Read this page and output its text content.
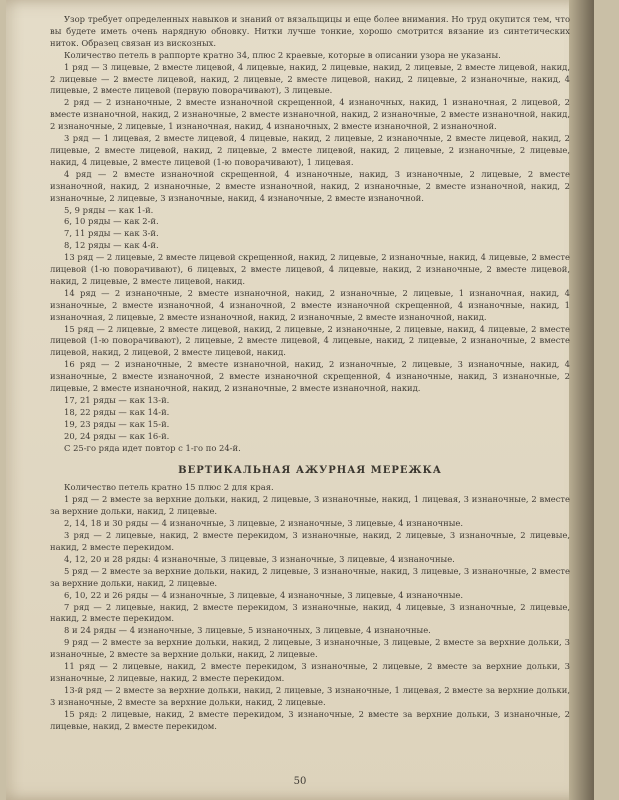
Узор требует определенных навыков и знаний от вязальщицы и еще более внимания. Но труд окупится тем, что вы будете иметь очень нарядную обновку. Нитки лучше тонкие, хорошо смотрится вязание из синтетических ниток. Образец связан из вискозных.

Количество петель в раппорте кратно 34, плюс 2 краевые, которые в описании узора не указаны.

1 ряд — 3 лицевые, 2 вместе лицевой, 4 лицевые, накид, 2 лицевые, накид, 2 лицевые, 2 вместе лицевой, накид, 2 лицевые — 2 вместе лицевой, накид, 2 лицевые, 2 вместе лицевой, накид, 2 лицевые, 2 изнаночные, накид, 4 лицевые, 2 вместе лицевой (первую поворачивают), 3 лицевые.

2 ряд — 2 изнаночные, 2 вместе изнаночной скрещенной, 4 изнаночных, накид, 1 изнаночная, 2 лицевой, 2 вместе изнаночной, накид, 2 изнаночные, 2 вместе изнаночной, накид, 2 изнаночные, 2 вместе изнаночной, накид, 2 изнаночные, 2 лицевые, 1 изнаночная, накид, 4 изнаночных, 2 вместе изнаночной, 2 изнаночной.

3 ряд — 1 лицевая, 2 вместе лицевой, 4 лицевые, накид, 2 лицевые, 2 изнаночные, 2 вместе лицевой, накид, 2 лицевые, 2 вместе лицевой, накид, 2 лицевые, 2 вместе лицевой, накид, 2 лицевые, 2 изнаночные, 2 лицевые, накид, 4 лицевые, 2 вместе лицевой (1-ю поворачивают), 1 лицевая.

4 ряд — 2 вместе изнаночной скрещенной, 4 изнаночные, накид, 3 изнаночные, 2 лицевые, 2 вместе изнаночной, накид, 2 изнаночные, 2 вместе изнаночной, накид, 2 изнаночные, 2 вместе изнаночной, накид, 2 изнаночные, 2 лицевые, 3 изнаночные, накид, 4 изнаночные, 2 вместе изнаночной.

5, 9 ряды — как 1-й.

6, 10 ряды — как 2-й.

7, 11 ряды — как 3-й.

8, 12 ряды — как 4-й.

13 ряд — 2 лицевые, 2 вместе лицевой скрещенной, накид, 2 лицевые, 2 изнаночные, накид, 4 лицевые, 2 вместе лицевой (1-ю поворачивают), 6 лицевых, 2 вместе лицевой, 4 лицевые, накид, 2 изнаночные, 2 вместе лицевой, накид, 2 лицевые, 2 вместе лицевой, накид.

14 ряд — 2 изнаночные, 2 вместе изнаночной, накид, 2 изнаночные, 2 лицевые, 1 изнаночная, накид, 4 изнаночные, 2 вместе изнаночной, 4 изнаночной, 2 вместе изнаночной скрещенной, 4 изнаночные, накид, 1 изнаночная, 2 лицевые, 2 вместе изнаночной, накид, 2 изнаночные, 2 вместе изнаночной, накид.

15 ряд — 2 лицевые, 2 вместе лицевой, накид, 2 лицевые, 2 изнаночные, 2 лицевые, накид, 4 лицевые, 2 вместе лицевой (1-ю поворачивают), 2 лицевые, 2 вместе лицевой, 4 лицевые, накид, 2 лицевые, 2 изнаночные, 2 вместе лицевой, накид, 2 лицевой, 2 вместе лицевой, накид.

16 ряд — 2 изнаночные, 2 вместе изнаночной, накид, 2 изнаночные, 2 лицевые, 3 изнаночные, накид, 4 изнаночные, 2 вместе изнаночной, 2 вместе изнаночной скрещенной, 4 изнаночные, накид, 3 изнаночные, 2 лицевые, 2 вместе изнаночной, накид, 2 изнаночные, 2 вместе изнаночной, накид.

17, 21 ряды — как 13-й.

18, 22 ряды — как 14-й.

19, 23 ряды — как 15-й.

20, 24 ряды — как 16-й.

С 25-го ряда идет повтор с 1-го по 24-й.

ВЕРТИКАЛЬНАЯ АЖУРНАЯ МЕРЕЖКА

Количество петель кратно 15 плюс 2 для края.

1 ряд — 2 вместе за верхние дольки, накид, 2 лицевые, 3 изнаночные, накид, 1 лицевая, 3 изнаночные, 2 вместе за верхние дольки, накид, 2 лицевые.

2, 14, 18 и 30 ряды — 4 изнаночные, 3 лицевые, 2 изнаночные, 3 лицевые, 4 изнаночные.

3 ряд — 2 лицевые, накид, 2 вместе перекидом, 3 изнаночные, накид, 2 лицевые, 3 изнаночные, 2 лицевые, накид, 2 вместе перекидом.

4, 12, 20 и 28 ряды: 4 изнаночные, 3 лицевые, 3 изнаночные, 3 лицевые, 4 изнаночные.

5 ряд — 2 вместе за верхние дольки, накид, 2 лицевые, 3 изнаночные, накид, 3 лицевые, 3 изнаночные, 2 вместе за верхние дольки, накид, 2 лицевые.

6, 10, 22 и 26 ряды — 4 изнаночные, 3 лицевые, 4 изнаночные, 3 лицевые, 4 изнаночные.

7 ряд — 2 лицевые, накид, 2 вместе перекидом, 3 изнаночные, накид, 4 лицевые, 3 изнаночные, 2 лицевые, накид, 2 вместе перекидом.

8 и 24 ряды — 4 изнаночные, 3 лицевые, 5 изнаночных, 3 лицевые, 4 изнаночные.

9 ряд — 2 вместе за верхние дольки, накид, 2 лицевые, 3 изнаночные, 3 лицевые, 2 вместе за верхние дольки, 3 изнаночные, 2 вместе за верхние дольки, накид, 2 лицевые.

11 ряд — 2 лицевые, накид, 2 вместе перекидом, 3 изнаночные, 2 лицевые, 2 вместе за верхние дольки, 3 изнаночные, 2 лицевые, накид, 2 вместе перекидом.

13-й ряд — 2 вместе за верхние дольки, накид, 2 лицевые, 3 изнаночные, 1 лицевая, 2 вместе за верхние дольки, 3 изнаночные, 2 вместе за верхние дольки, накид, 2 лицевые.

15 ряд: 2 лицевые, накид, 2 вместе перекидом, 3 изнаночные, 2 вместе за верхние дольки, 3 изнаночные, 2 лицевые, накид, 2 вместе перекидом.

50
